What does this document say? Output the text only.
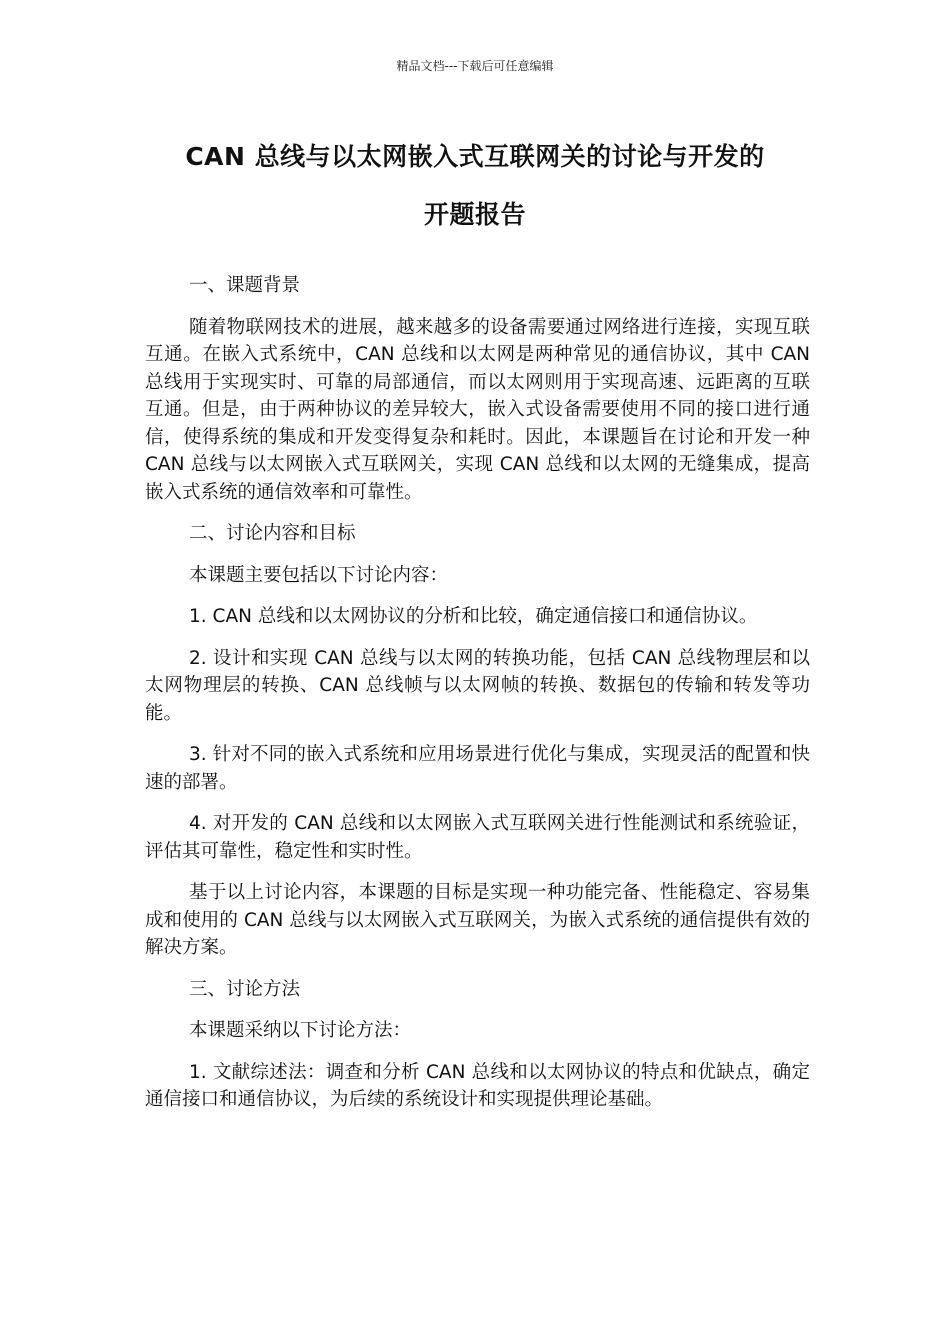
精品文档---下载后可任意编辑
CAN 总线与以太网嵌入式互联网关的讨论与开发的
开题报告

一、课题背景

随着物联网技术的进展，越来越多的设备需要通过网络进行连接，实现互联互通。在嵌入式系统中，CAN 总线和以太网是两种常见的通信协议，其中 CAN 总线用于实现实时、可靠的局部通信，而以太网则用于实现高速、远距离的互联互通。但是，由于两种协议的差异较大，嵌入式设备需要使用不同的接口进行通信，使得系统的集成和开发变得复杂和耗时。因此，本课题旨在讨论和开发一种 CAN 总线与以太网嵌入式互联网关，实现 CAN 总线和以太网的无缝集成，提高嵌入式系统的通信效率和可靠性。

二、讨论内容和目标

本课题主要包括以下讨论内容：

1. CAN 总线和以太网协议的分析和比较，确定通信接口和通信协议。

2. 设计和实现 CAN 总线与以太网的转换功能，包括 CAN 总线物理层和以太网物理层的转换、CAN 总线帧与以太网帧的转换、数据包的传输和转发等功能。

3. 针对不同的嵌入式系统和应用场景进行优化与集成，实现灵活的配置和快速的部署。

4. 对开发的 CAN 总线和以太网嵌入式互联网关进行性能测试和系统验证，评估其可靠性，稳定性和实时性。

基于以上讨论内容，本课题的目标是实现一种功能完备、性能稳定、容易集成和使用的 CAN 总线与以太网嵌入式互联网关，为嵌入式系统的通信提供有效的解决方案。

三、讨论方法

本课题采纳以下讨论方法：

1. 文献综述法：调查和分析 CAN 总线和以太网协议的特点和优缺点，确定通信接口和通信协议，为后续的系统设计和实现提供理论基础。
